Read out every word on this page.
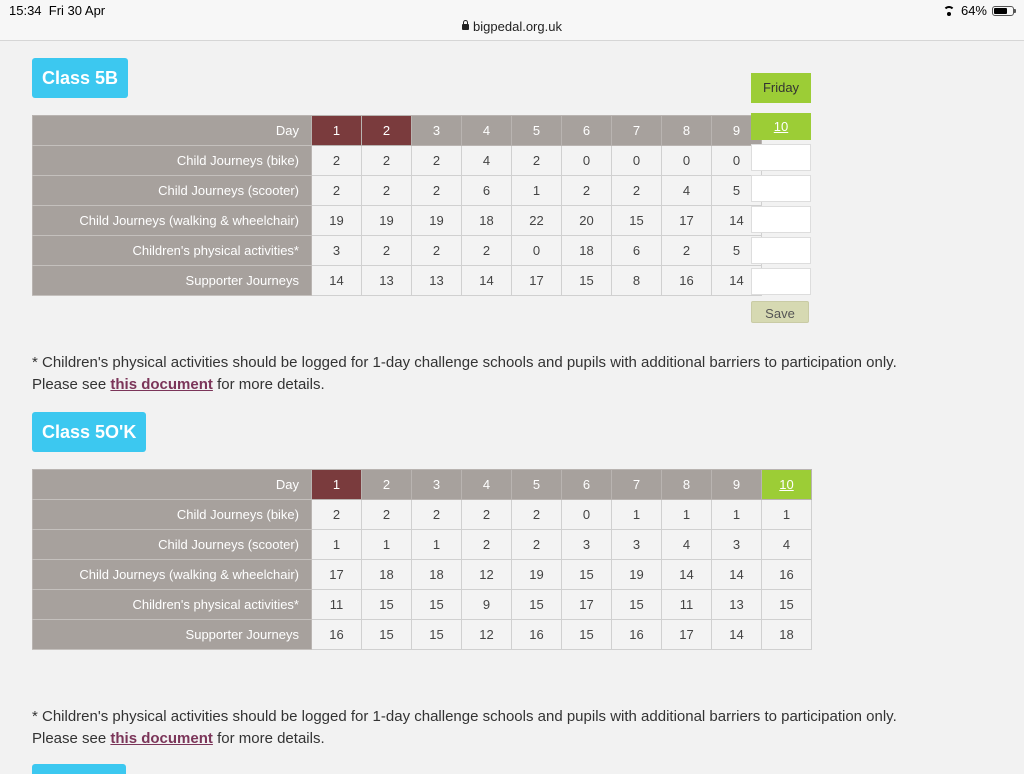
15:34 Fri 30 Apr
bigpedal.org.uk
64%
Class 5B
Day	1	2	3	4	5	6	7	8	9
Child Journeys (bike)	2	2	2	4	2	0	0	0	0
Child Journeys (scooter)	2	2	2	6	1	2	2	4	5
Child Journeys (walking & wheelchair)	19	19	19	18	22	20	15	17	14
Children's physical activities*	3	2	2	2	0	18	6	2	5
Supporter Journeys	14	13	13	14	17	15	8	16	14
Friday
10
Save
* Children's physical activities should be logged for 1-day challenge schools and pupils with additional barriers to participation only.
Please see this document for more details.
Class 5O'K
Day	1	2	3	4	5	6	7	8	9	10
Child Journeys (bike)	2	2	2	2	2	0	1	1	1	1
Child Journeys (scooter)	1	1	1	2	2	3	3	4	3	4
Child Journeys (walking & wheelchair)	17	18	18	12	19	15	19	14	14	16
Children's physical activities*	11	15	15	9	15	17	15	11	13	15
Supporter Journeys	16	15	15	12	16	15	16	17	14	18
* Children's physical activities should be logged for 1-day challenge schools and pupils with additional barriers to participation only.
Please see this document for more details.
